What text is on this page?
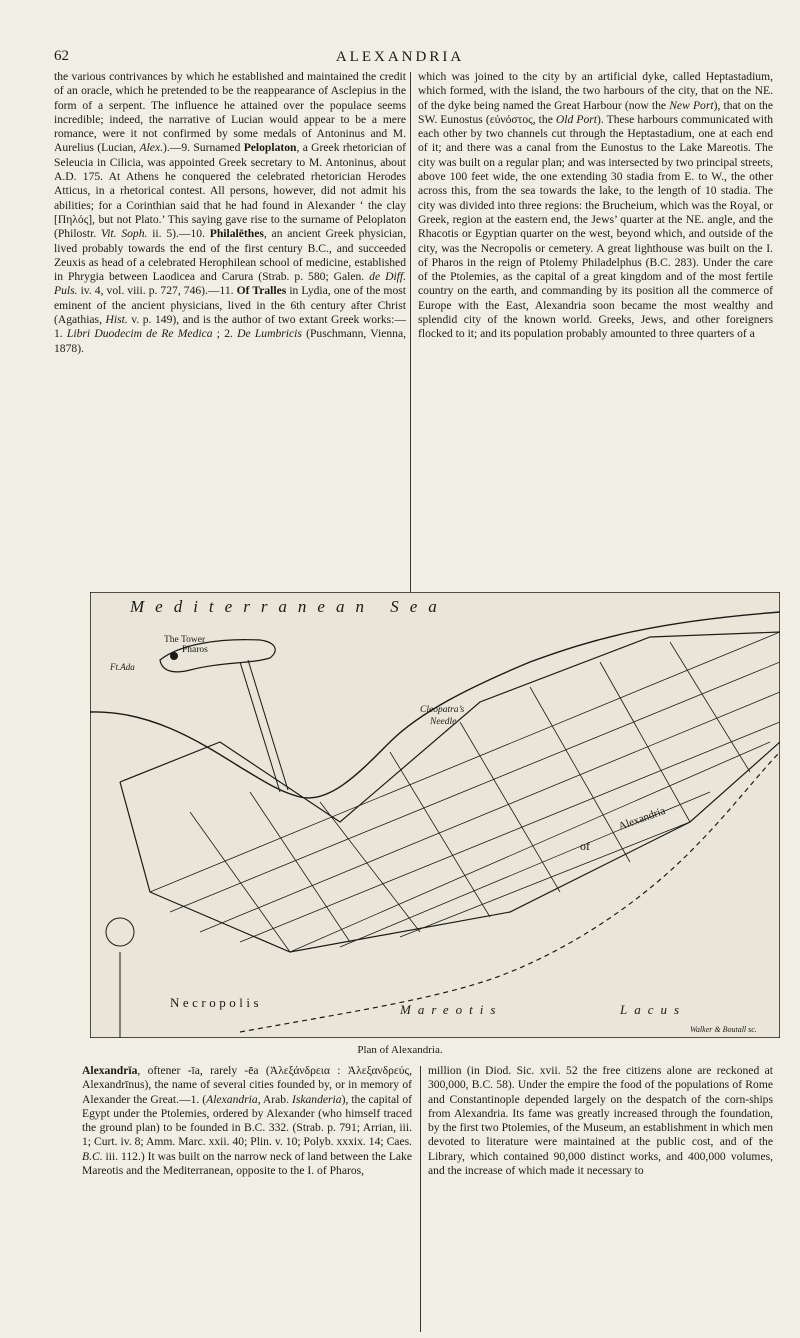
62	ALEXANDRIA

the various contrivances by which he established and maintained the credit of an oracle, which he pretended to be the reappearance of Asclepius in the form of a serpent. The influence he attained over the populace seems incredible; indeed, the narrative of Lucian would appear to be a mere romance, were it not confirmed by some medals of Antoninus and M. Aurelius (Lucian, Alex.).—9. Surnamed Peloplaton, a Greek rhetorician of Seleucia in Cilicia, was appointed Greek secretary to M. Antoninus, about A.D. 175. At Athens he conquered the celebrated rhetorician Herodes Atticus, in a rhetorical contest. All persons, however, did not admit his abilities; for a Corinthian said that he had found in Alexander ‘ the clay [Πηλός], but not Plato.’ This saying gave rise to the surname of Peloplaton (Philostr. Vit. Soph. ii. 5).—10. Philalēthes, an ancient Greek physician, lived probably towards the end of the first century B.C., and succeeded Zeuxis as head of a celebrated Herophilean school of medicine, established in Phrygia between Laodicea and Carura (Strab. p. 580; Galen. de Diff. Puls. iv. 4, vol. viii. p. 727, 746).—11. Of Tralles in Lydia, one of the most eminent of the ancient physicians, lived in the 6th century after Christ (Agathias, Hist. v. p. 149), and is the author of two extant Greek works:—1. Libri Duodecim de Re Medica ; 2. De Lumbricis (Puschmann, Vienna, 1878).

which was joined to the city by an artificial dyke, called Heptastadium, which formed, with the island, the two harbours of the city, that on the NE. of the dyke being named the Great Harbour (now the New Port), that on the SW. Eunostus (εὐνόστος, the Old Port). These harbours communicated with each other by two channels cut through the Heptastadium, one at each end of it; and there was a canal from the Eunostus to the Lake Mareotis. The city was built on a regular plan; and was intersected by two principal streets, above 100 feet wide, the one extending 30 stadia from E. to W., the other across this, from the sea towards the lake, to the length of 10 stadia. The city was divided into three regions: the Brucheium, which was the Royal, or Greek, region at the eastern end, the Jews’ quarter at the NE. angle, and the Rhacotis or Egyptian quarter on the west, beyond which, and outside of the city, was the Necropolis or cemetery. A great lighthouse was built on the I. of Pharos in the reign of Ptolemy Philadelphus (B.C. 283). Under the care of the Ptolemies, as the capital of a great kingdom and of the most fertile country on the earth, and commanding by its position all the commerce of Europe with the East, Alexandria soon became the most wealthy and splendid city of the known world. Greeks, Jews, and other foreigners flocked to it; and its population probably amounted to three quarters of a

Mediterranean Sea
The Tower
Pharos
Ft.Ada
Cleopatra’s
Needle
Alexandria
of
Necropolis	Mareotis	Lacus
Walker & Boutall sc.
Plan of Alexandria.

Alexandrīa, oftener -īa, rarely -ēa (Ἀλεξάνδρεια : Ἀλεξανδρεύς, Alexandrīnus), the name of several cities founded by, or in memory of Alexander the Great.—1. (Alexandria, Arab. Iskanderia), the capital of Egypt under the Ptolemies, ordered by Alexander (who himself traced the ground plan) to be founded in B.C. 332. (Strab. p. 791; Arrian, iii. 1; Curt. iv. 8; Amm. Marc. xxii. 40; Plin. v. 10; Polyb. xxxix. 14; Caes. B.C. iii. 112.) It was built on the narrow neck of land between the Lake Mareotis and the Mediterranean, opposite to the I. of Pharos,

million (in Diod. Sic. xvii. 52 the free citizens alone are reckoned at 300,000, B.C. 58). Under the empire the food of the populations of Rome and Constantinople depended largely on the despatch of the corn-ships from Alexandria. Its fame was greatly increased through the foundation, by the first two Ptolemies, of the Museum, an establishment in which men devoted to literature were maintained at the public cost, and of the Library, which contained 90,000 distinct works, and 400,000 volumes, and the increase of which made it necessary to
